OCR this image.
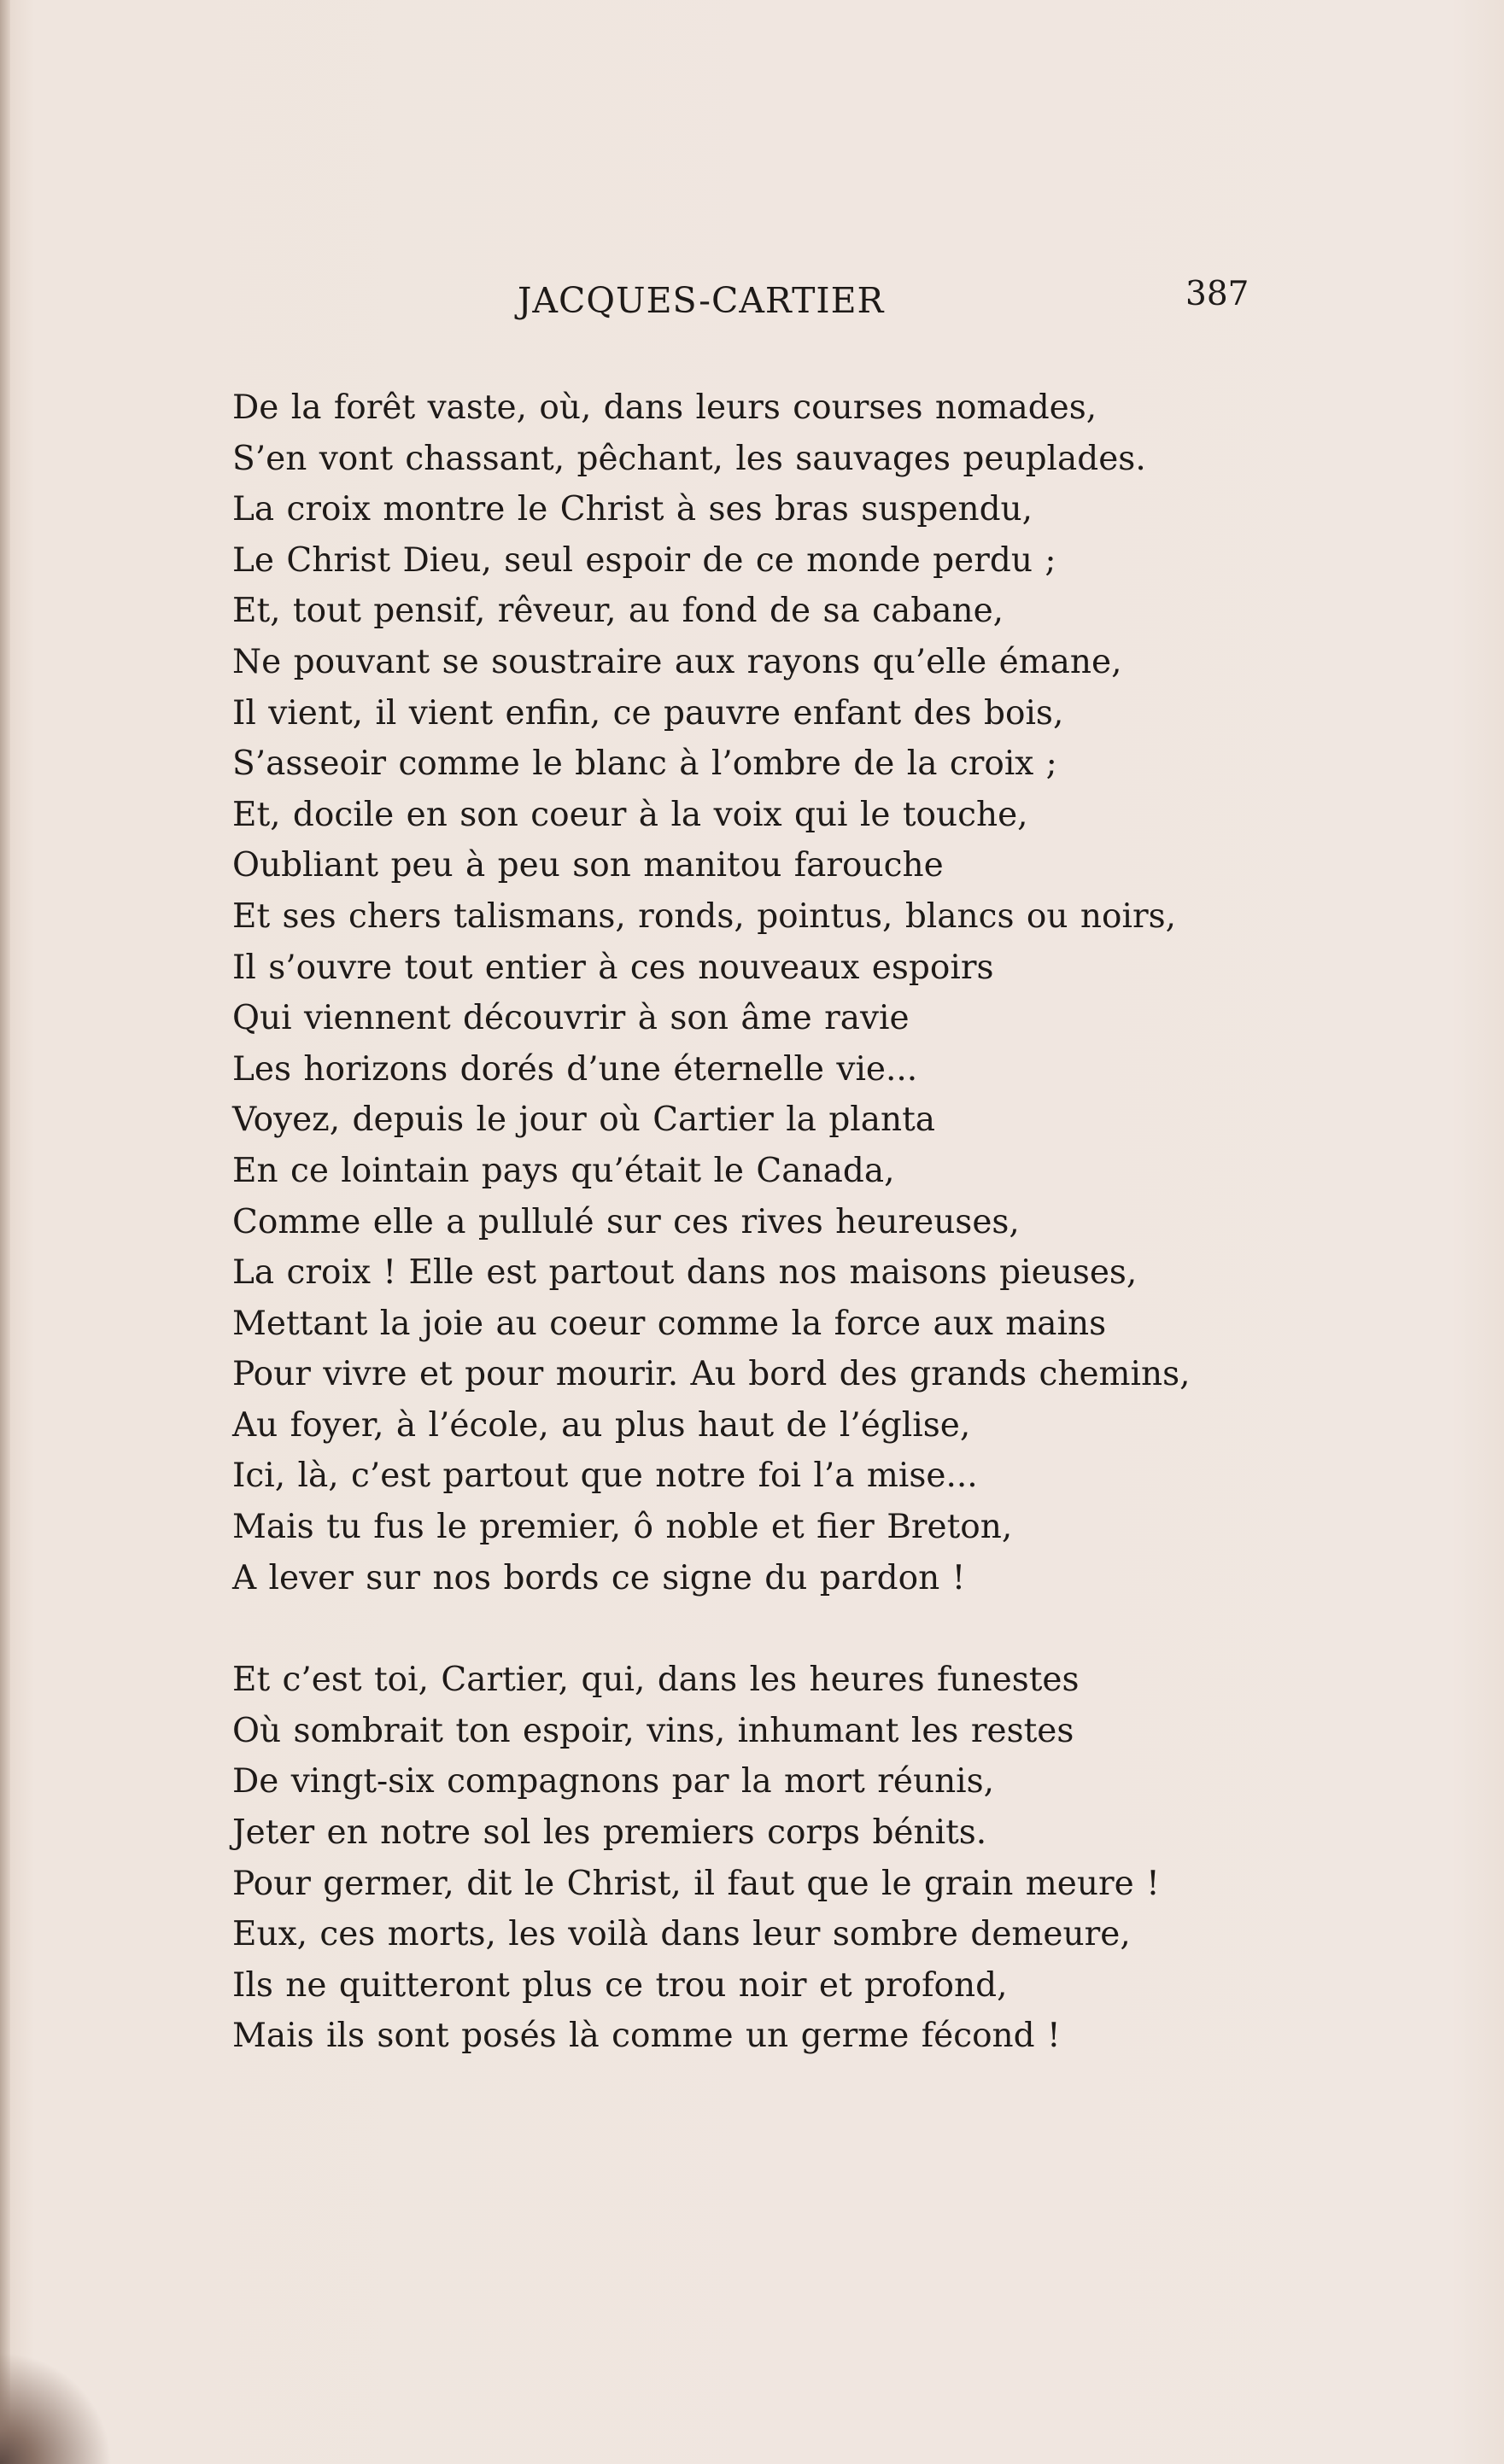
JACQUES-CARTIER	387
De la forêt vaste, où, dans leurs courses nomades,
S’en vont chassant, pêchant, les sauvages peuplades.
La croix montre le Christ à ses bras suspendu,
Le Christ Dieu, seul espoir de ce monde perdu ;
Et, tout pensif, rêveur, au fond de sa cabane,
Ne pouvant se soustraire aux rayons qu’elle émane,
Il vient, il vient enfin, ce pauvre enfant des bois,
S’asseoir comme le blanc à l’ombre de la croix ;
Et, docile en son coeur à la voix qui le touche,
Oubliant peu à peu son manitou farouche
Et ses chers talismans, ronds, pointus, blancs ou noirs,
Il s’ouvre tout entier à ces nouveaux espoirs
Qui viennent découvrir à son âme ravie
Les horizons dorés d’une éternelle vie...
Voyez, depuis le jour où Cartier la planta
En ce lointain pays qu’était le Canada,
Comme elle a pullulé sur ces rives heureuses,
La croix ! Elle est partout dans nos maisons pieuses,
Mettant la joie au coeur comme la force aux mains
Pour vivre et pour mourir. Au bord des grands chemins,
Au foyer, à l’école, au plus haut de l’église,
Ici, là, c’est partout que notre foi l’a mise...
Mais tu fus le premier, ô noble et fier Breton,
A lever sur nos bords ce signe du pardon !
Et c’est toi, Cartier, qui, dans les heures funestes
Où sombrait ton espoir, vins, inhumant les restes
De vingt-six compagnons par la mort réunis,
Jeter en notre sol les premiers corps bénits.
Pour germer, dit le Christ, il faut que le grain meure !
Eux, ces morts, les voilà dans leur sombre demeure,
Ils ne quitteront plus ce trou noir et profond,
Mais ils sont posés là comme un germe fécond !
